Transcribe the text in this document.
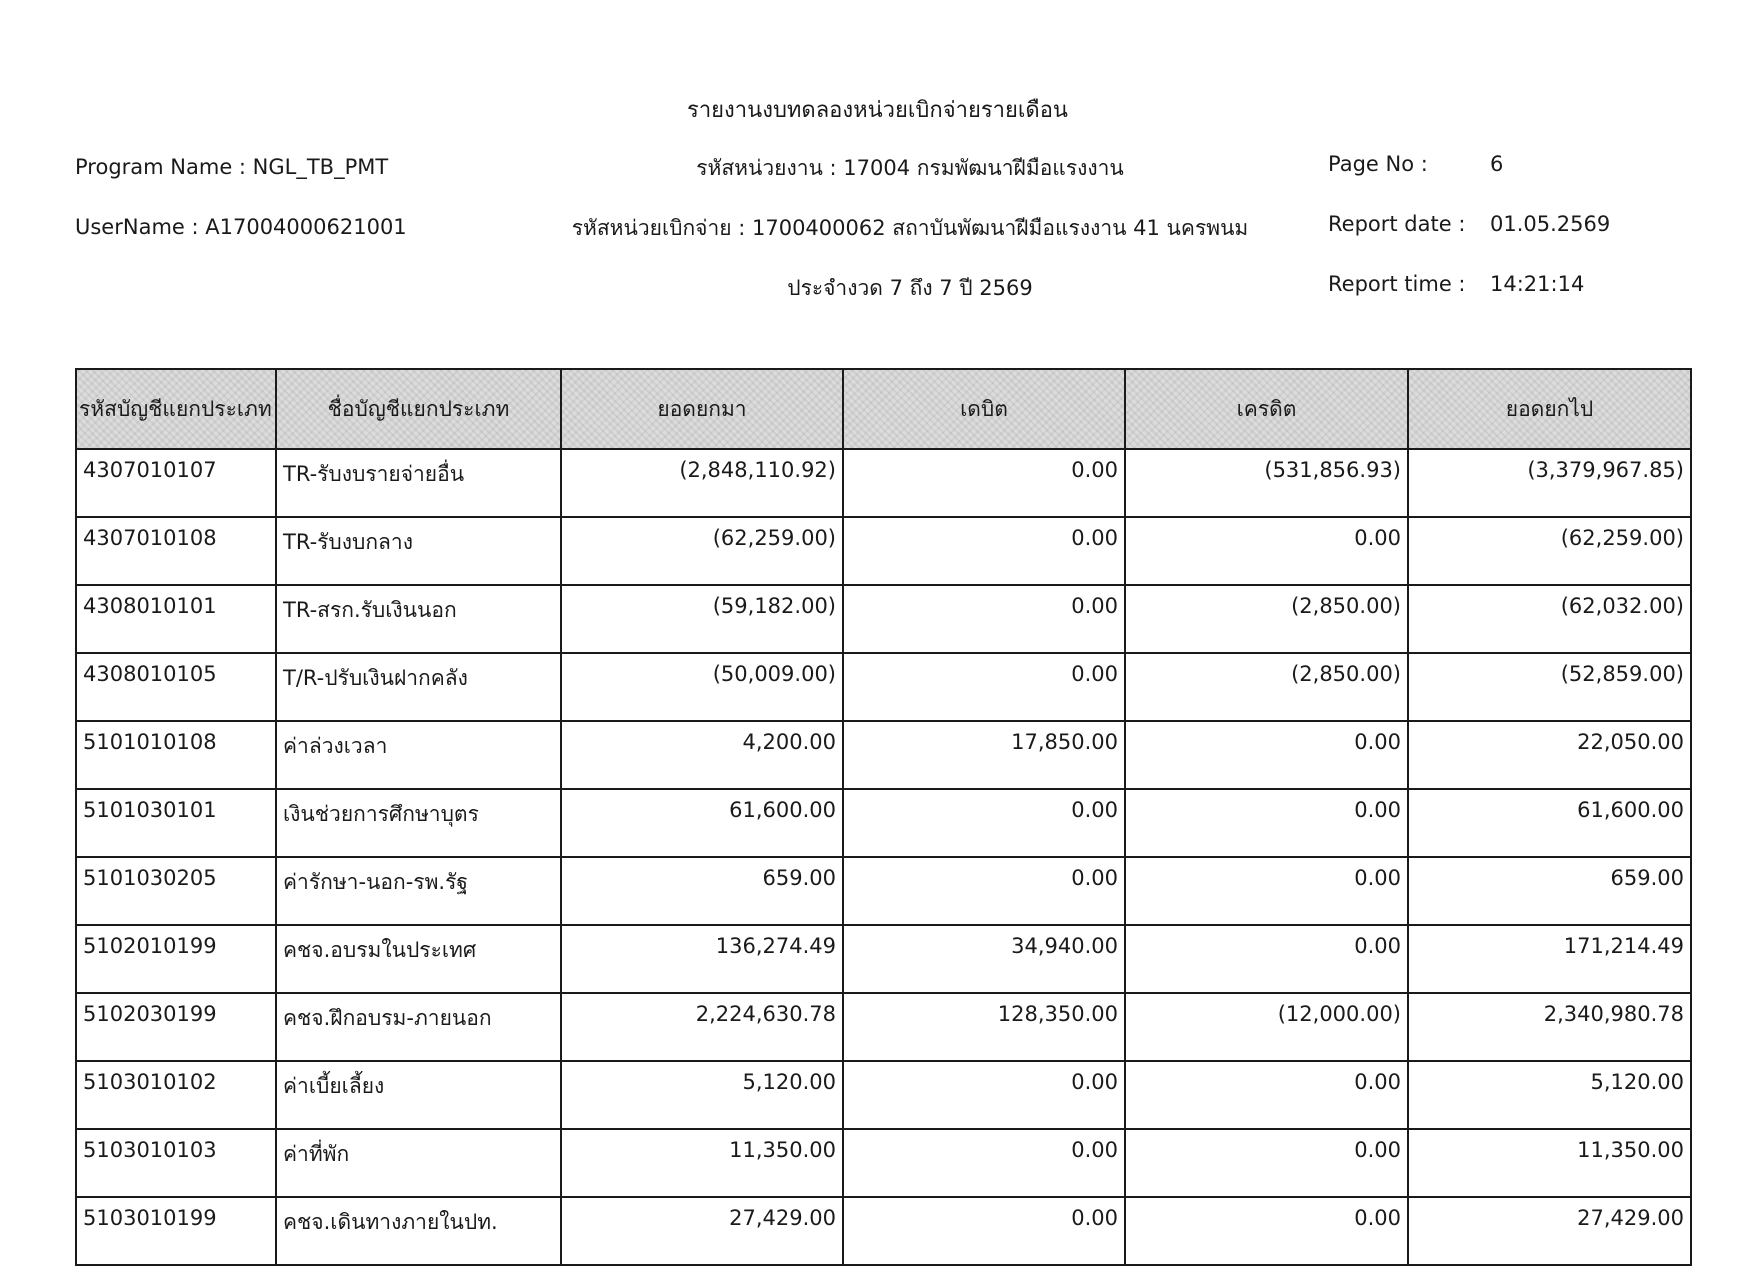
รายงานงบทดลองหน่วยเบิกจ่ายรายเดือน
Program Name : NGL_TB_PMT
UserName : A17004000621001
รหัสหน่วยงาน : 17004 กรมพัฒนาฝีมือแรงงาน
รหัสหน่วยเบิกจ่าย : 1700400062 สถาบันพัฒนาฝีมือแรงงาน 41 นครพนม
ประจำงวด 7 ถึง 7 ปี 2569
Page No :	6
Report date : 01.05.2569
Report time : 14:21:14
รหัสบัญชีแยกประเภท	ชื่อบัญชีแยกประเภท	ยอดยกมา	เดบิต	เครดิต	ยอดยกไป
4307010107	TR-รับงบรายจ่ายอื่น	(2,848,110.92)	0.00	(531,856.93)	(3,379,967.85)
4307010108	TR-รับงบกลาง	(62,259.00)	0.00	0.00	(62,259.00)
4308010101	TR-สรก.รับเงินนอก	(59,182.00)	0.00	(2,850.00)	(62,032.00)
4308010105	T/R-ปรับเงินฝากคลัง	(50,009.00)	0.00	(2,850.00)	(52,859.00)
5101010108	ค่าล่วงเวลา	4,200.00	17,850.00	0.00	22,050.00
5101030101	เงินช่วยการศึกษาบุตร	61,600.00	0.00	0.00	61,600.00
5101030205	ค่ารักษา-นอก-รพ.รัฐ	659.00	0.00	0.00	659.00
5102010199	คชจ.อบรมในประเทศ	136,274.49	34,940.00	0.00	171,214.49
5102030199	คชจ.ฝึกอบรม-ภายนอก	2,224,630.78	128,350.00	(12,000.00)	2,340,980.78
5103010102	ค่าเบี้ยเลี้ยง	5,120.00	0.00	0.00	5,120.00
5103010103	ค่าที่พัก	11,350.00	0.00	0.00	11,350.00
5103010199	คชจ.เดินทางภายในปท.	27,429.00	0.00	0.00	27,429.00
